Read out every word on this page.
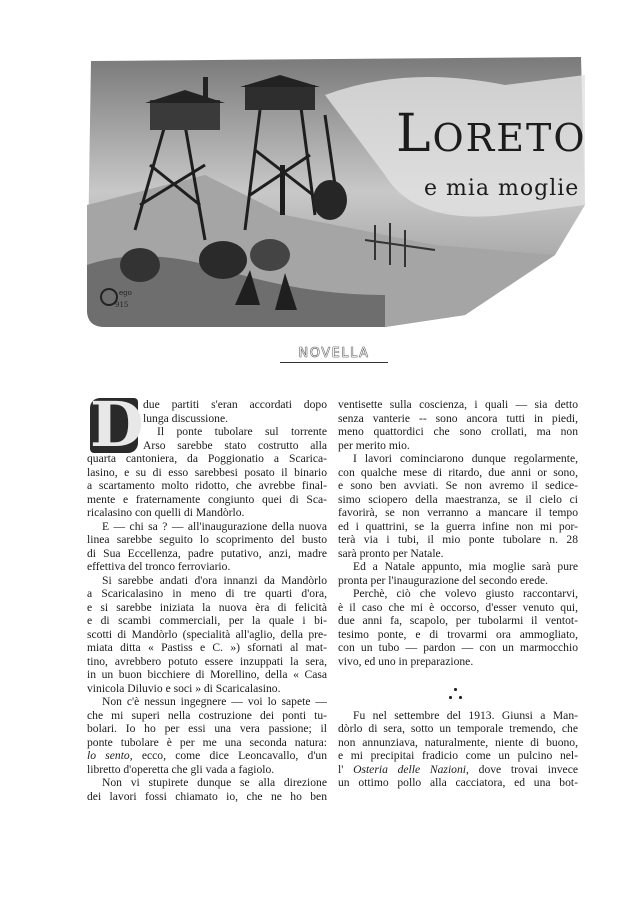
ego
915
LORETO
e mia moglie
NOVELLA
D due partiti s'eran accordati dopo
lunga discussione.
Il ponte tubolare sul torrente
Arso sarebbe stato costrutto alla
quarta cantoniera, da Poggionatio a Scarica-
lasino, e su di esso sarebbesi posato il binario
a scartamento molto ridotto, che avrebbe final-
mente e fraternamente congiunto quei di Sca-
ricalasino con quelli di Mandòrlo.
E — chi sa ? — all'inaugurazione della nuova
linea sarebbe seguito lo scoprimento del busto
di Sua Eccellenza, padre putativo, anzi, madre
effettiva del tronco ferroviario.
Si sarebbe andati d'ora innanzi da Mandòrlo
a Scaricalasino in meno di tre quarti d'ora,
e si sarebbe iniziata la nuova èra di felicità
e di scambi commerciali, per la quale i bi-
scotti di Mandòrlo (specialità all'aglio, della pre-
miata ditta « Pastiss e C. ») sfornati al mat-
tino, avrebbero potuto essere inzuppati la sera,
in un buon bicchiere di Morellino, della « Casa
vinicola Diluvio e soci » di Scaricalasino.
Non c'è nessun ingegnere — voi lo sapete —
che mi superi nella costruzione dei ponti tu-
bolari. Io ho per essi una vera passione; il
ponte tubolare è per me una seconda natura:
lo sento, ecco, come dice Leoncavallo, d'un
libretto d'operetta che gli vada a fagiolo.
Non vi stupirete dunque se alla direzione
dei lavori fossi chiamato io, che ne ho ben
ventisette sulla coscienza, i quali — sia detto
senza vanterie -- sono ancora tutti in piedi,
meno quattordici che sono crollati, ma non
per merito mio.
I lavori cominciarono dunque regolarmente,
con qualche mese di ritardo, due anni or sono,
e sono ben avviati. Se non avremo il sedice-
simo sciopero della maestranza, se il cielo ci
favorirà, se non verranno a mancare il tempo
ed i quattrini, se la guerra infine non mi por-
terà via i tubi, il mio ponte tubolare n. 28
sarà pronto per Natale.
Ed a Natale appunto, mia moglie sarà pure
pronta per l'inaugurazione del secondo erede.
Perchè, ciò che volevo giusto raccontarvi,
è il caso che mi è occorso, d'esser venuto qui,
due anni fa, scapolo, per tubolarmi il ventot-
tesimo ponte, e di trovarmi ora ammogliato,
con un tubo — pardon — con un marmocchio
vivo, ed uno in preparazione.
Fu nel settembre del 1913. Giunsi a Man-
dòrlo di sera, sotto un temporale tremendo, che
non annunziava, naturalmente, niente di buono,
e mi precipitai fradicio come un pulcino nel-
l' Osteria delle Nazioni, dove trovai invece
un ottimo pollo alla cacciatora, ed una bot-
